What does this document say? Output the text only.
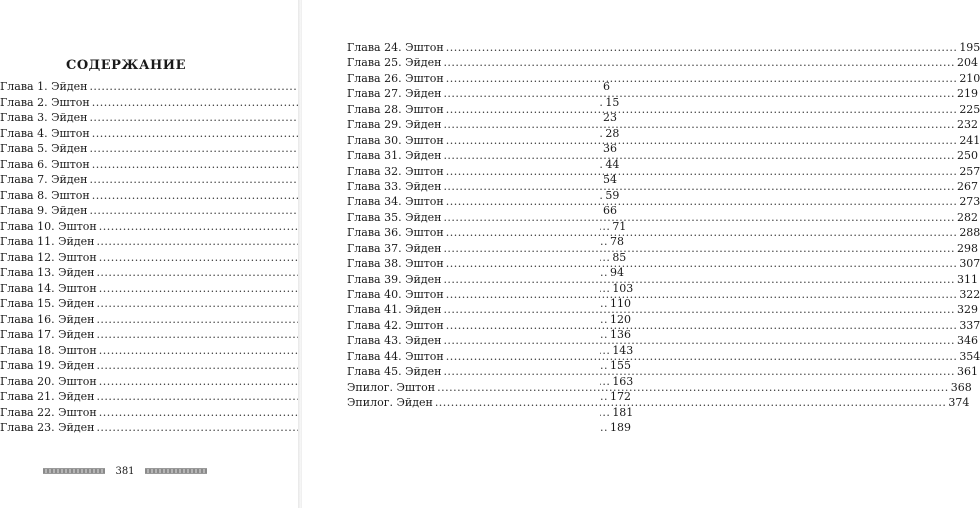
СОДЕРЖАНИЕ
Глава 1. Эйден .....	6
Глава 2. Эштон .....	15
Глава 3. Эйден .....	23
Глава 4. Эштон .....	28
Глава 5. Эйден .....	36
Глава 6. Эштон .....	44
Глава 7. Эйден .....	54
Глава 8. Эштон .....	59
Глава 9. Эйден .....	66
Глава 10. Эштон .....	71
Глава 11. Эйден .....	78
Глава 12. Эштон .....	85
Глава 13. Эйден .....	94
Глава 14. Эштон .....	103
Глава 15. Эйден .....	110
Глава 16. Эйден .....	120
Глава 17. Эйден .....	136
Глава 18. Эштон .....	143
Глава 19. Эйден .....	155
Глава 20. Эштон .....	163
Глава 21. Эйден .....	172
Глава 22. Эштон .....	181
Глава 23. Эйден .....	189
381
Глава 24. Эштон .....	195
Глава 25. Эйден .....	204
Глава 26. Эштон .....	210
Глава 27. Эйден .....	219
Глава 28. Эштон .....	225
Глава 29. Эйден .....	232
Глава 30. Эштон .....	241
Глава 31. Эйден .....	250
Глава 32. Эштон .....	257
Глава 33. Эйден .....	267
Глава 34. Эштон .....	273
Глава 35. Эйден .....	282
Глава 36. Эштон .....	288
Глава 37. Эйден .....	298
Глава 38. Эштон .....	307
Глава 39. Эйден .....	311
Глава 40. Эштон .....	322
Глава 41. Эйден .....	329
Глава 42. Эштон .....	337
Глава 43. Эйден .....	346
Глава 44. Эштон .....	354
Глава 45. Эйден .....	361
Эпилог. Эштон .....	368
Эпилог. Эйден .....	374
